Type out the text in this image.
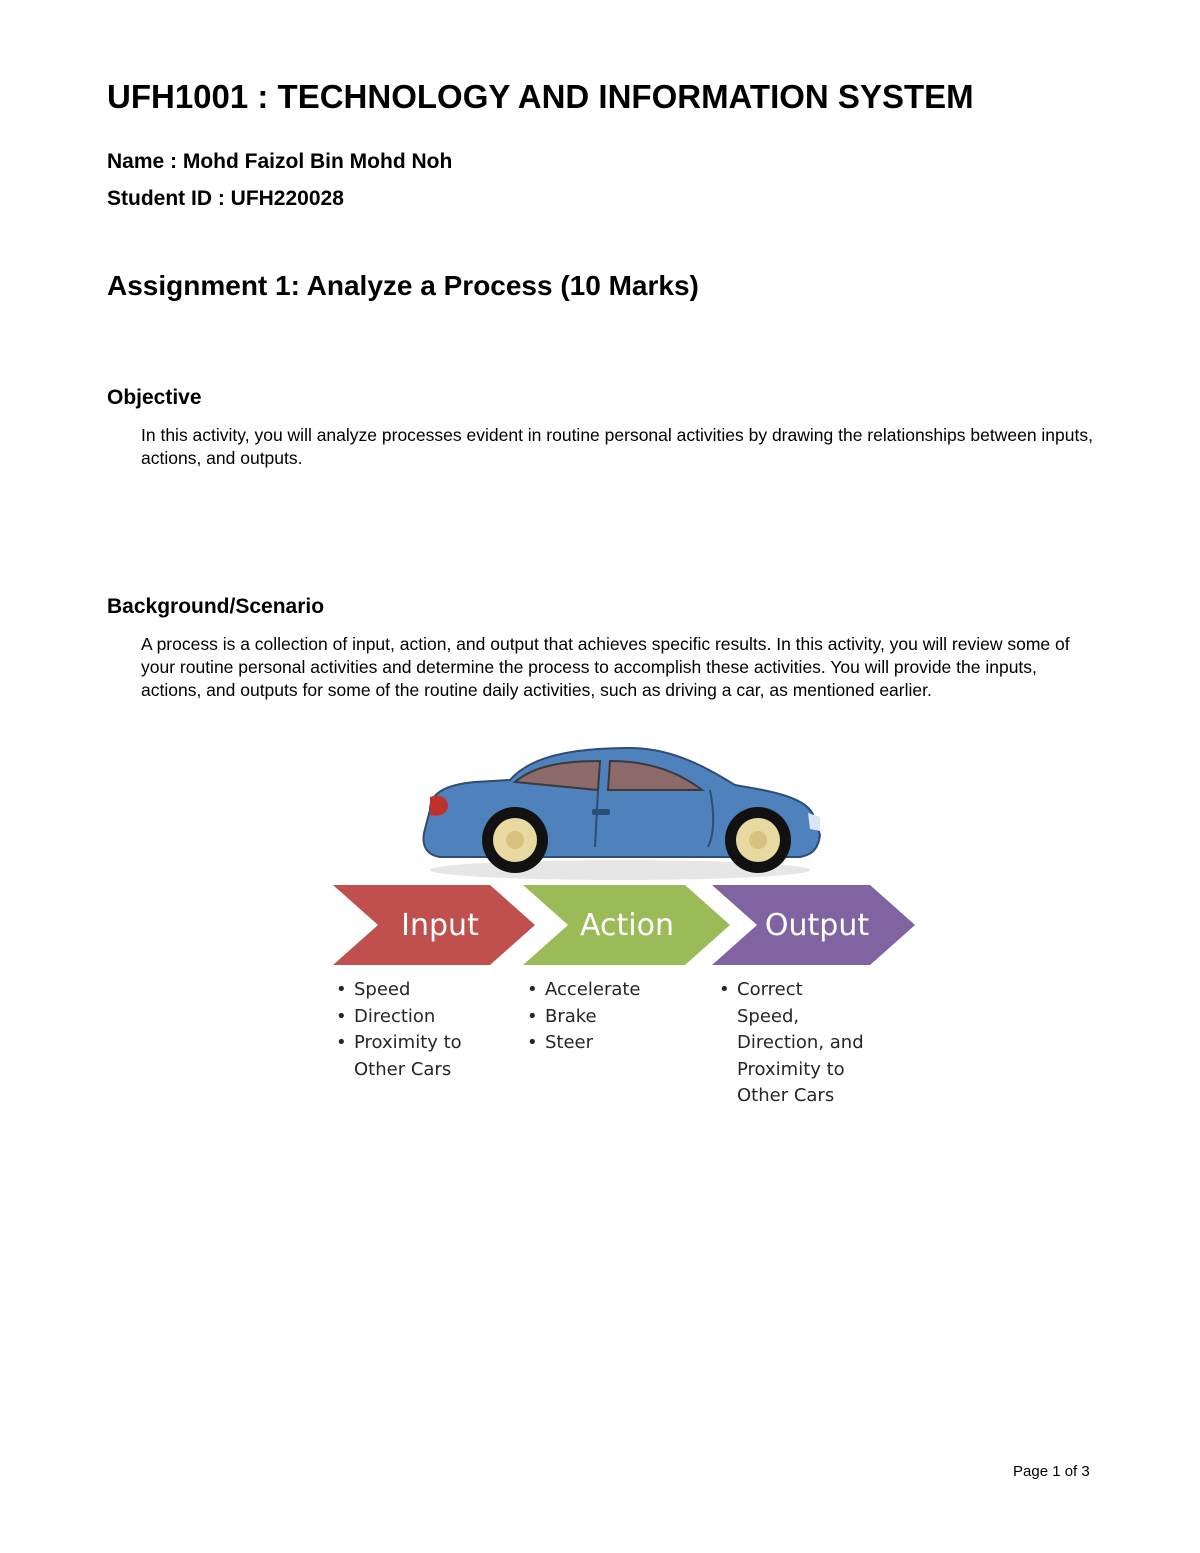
UFH1001 : TECHNOLOGY AND INFORMATION SYSTEM
Name : Mohd Faizol Bin Mohd Noh
Student ID : UFH220028
Assignment 1: Analyze a Process (10 Marks)
Objective
In this activity, you will analyze processes evident in routine personal activities by drawing the relationships between inputs, actions, and outputs.
Background/Scenario
A process is a collection of input, action, and output that achieves specific results. In this activity, you will review some of your routine personal activities and determine the process to accomplish these activities. You will provide the inputs, actions, and outputs for some of the routine daily activities, such as driving a car, as mentioned earlier.
Input	Action	Output
• Speed
• Direction
• Proximity to Other Cars
• Accelerate
• Brake
• Steer
• Correct Speed, Direction, and Proximity to Other Cars
Page 1 of 3
